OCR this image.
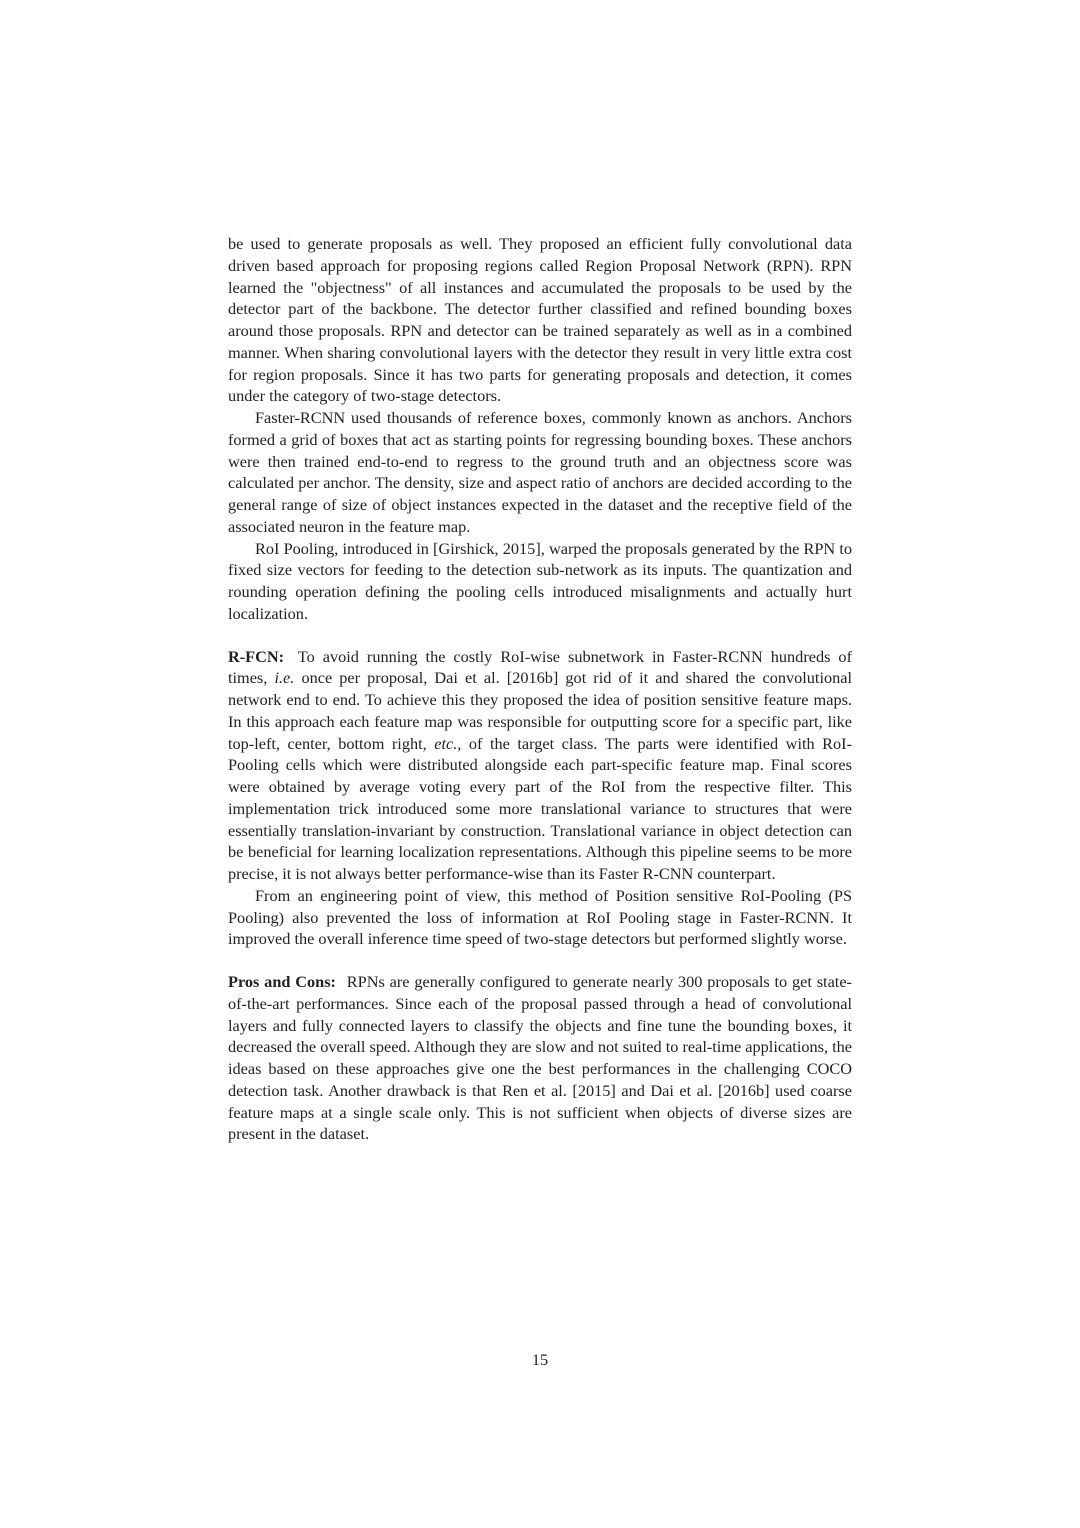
be used to generate proposals as well. They proposed an efficient fully convolutional data driven based approach for proposing regions called Region Proposal Network (RPN). RPN learned the "objectness" of all instances and accumulated the proposals to be used by the detector part of the backbone. The detector further classified and refined bounding boxes around those proposals. RPN and detector can be trained separately as well as in a combined manner. When sharing convolutional layers with the detector they result in very little extra cost for region proposals. Since it has two parts for generating proposals and detection, it comes under the category of two-stage detectors.

Faster-RCNN used thousands of reference boxes, commonly known as anchors. Anchors formed a grid of boxes that act as starting points for regressing bounding boxes. These anchors were then trained end-to-end to regress to the ground truth and an objectness score was calculated per anchor. The density, size and aspect ratio of anchors are decided according to the general range of size of object instances expected in the dataset and the receptive field of the associated neuron in the feature map.

RoI Pooling, introduced in [Girshick, 2015], warped the proposals generated by the RPN to fixed size vectors for feeding to the detection sub-network as its inputs. The quantization and rounding operation defining the pooling cells introduced misalignments and actually hurt localization.

R-FCN: To avoid running the costly RoI-wise subnetwork in Faster-RCNN hundreds of times, i.e. once per proposal, Dai et al. [2016b] got rid of it and shared the convolutional network end to end. To achieve this they proposed the idea of position sensitive feature maps. In this approach each feature map was responsible for outputting score for a specific part, like top-left, center, bottom right, etc., of the target class. The parts were identified with RoI-Pooling cells which were distributed alongside each part-specific feature map. Final scores were obtained by average voting every part of the RoI from the respective filter. This implementation trick introduced some more translational variance to structures that were essentially translation-invariant by construction. Translational variance in object detection can be beneficial for learning localization representations. Although this pipeline seems to be more precise, it is not always better performance-wise than its Faster R-CNN counterpart.

From an engineering point of view, this method of Position sensitive RoI-Pooling (PS Pooling) also prevented the loss of information at RoI Pooling stage in Faster-RCNN. It improved the overall inference time speed of two-stage detectors but performed slightly worse.

Pros and Cons: RPNs are generally configured to generate nearly 300 proposals to get state-of-the-art performances. Since each of the proposal passed through a head of convolutional layers and fully connected layers to classify the objects and fine tune the bounding boxes, it decreased the overall speed. Although they are slow and not suited to real-time applications, the ideas based on these approaches give one the best performances in the challenging COCO detection task. Another drawback is that Ren et al. [2015] and Dai et al. [2016b] used coarse feature maps at a single scale only. This is not sufficient when objects of diverse sizes are present in the dataset.

15
